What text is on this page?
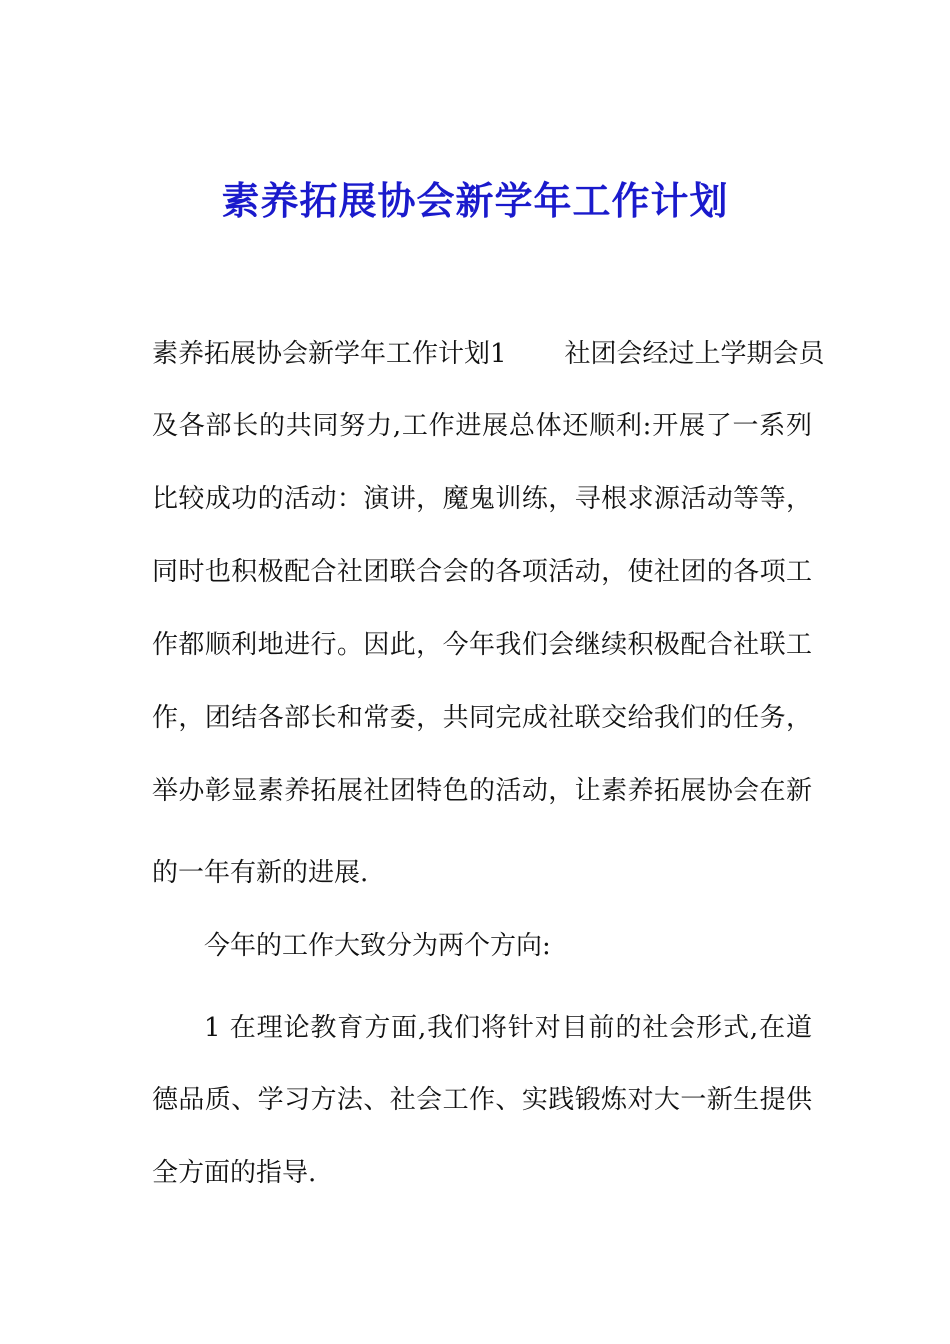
素养拓展协会新学年工作计划
素养拓展协会新学年工作计划1 社团会经过上学期会员
及各部长的共同努力,工作进展总体还顺利:开展了一系列
比较成功的活动：演讲，魔鬼训练，寻根求源活动等等，
同时也积极配合社团联合会的各项活动，使社团的各项工
作都顺利地进行。因此，今年我们会继续积极配合社联工
作，团结各部长和常委，共同完成社联交给我们的任务，
举办彰显素养拓展社团特色的活动，让素养拓展协会在新
的一年有新的进展.
今年的工作大致分为两个方向:
1 在理论教育方面,我们将针对目前的社会形式,在道
德品质、学习方法、社会工作、实践锻炼对大一新生提供
全方面的指导.
